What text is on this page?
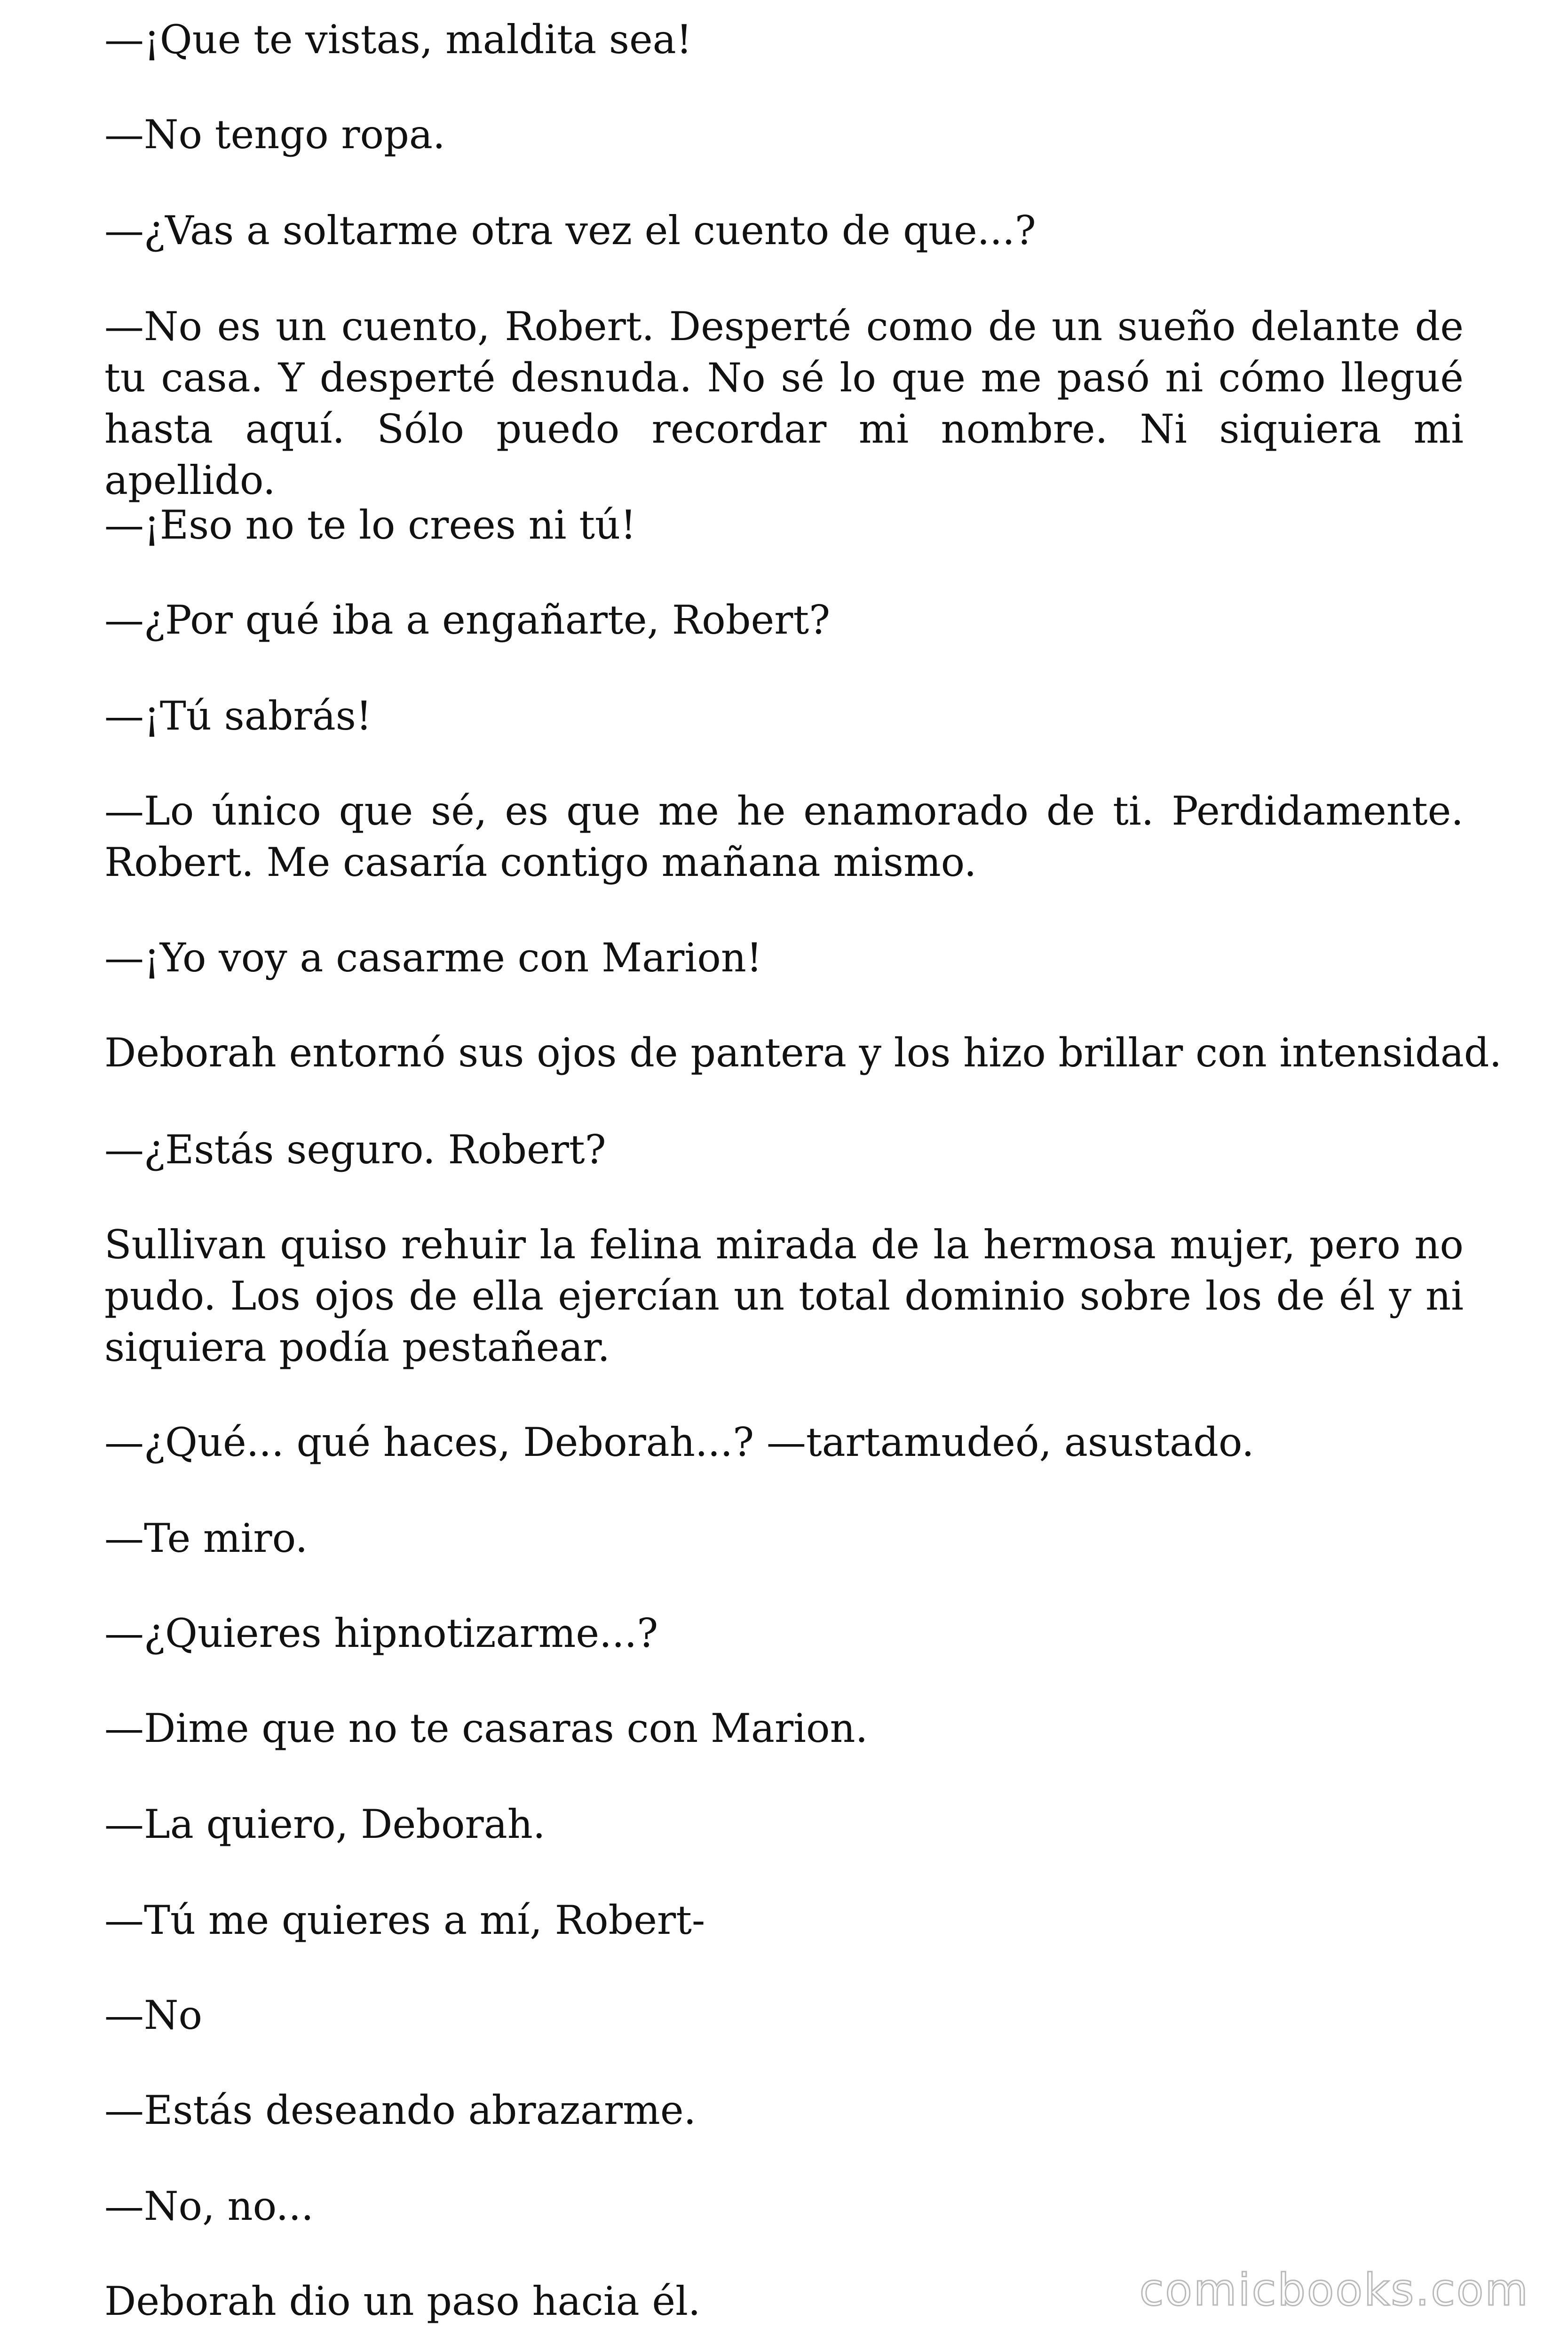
—¡Que te vistas, maldita sea!

—No tengo ropa.

—¿Vas a soltarme otra vez el cuento de que...?

—No es un cuento, Robert. Desperté como de un sueño delante de tu casa. Y desperté desnuda. No sé lo que me pasó ni cómo llegué hasta aquí. Sólo puedo recordar mi nombre. Ni siquiera mi apellido.

—¡Eso no te lo crees ni tú!

—¿Por qué iba a engañarte, Robert?

—¡Tú sabrás!

—Lo único que sé, es que me he enamorado de ti. Perdidamente. Robert. Me casaría contigo mañana mismo.

—¡Yo voy a casarme con Marion!

Deborah entornó sus ojos de pantera y los hizo brillar con intensidad.

—¿Estás seguro. Robert?

Sullivan quiso rehuir la felina mirada de la hermosa mujer, pero no pudo. Los ojos de ella ejercían un total dominio sobre los de él y ni siquiera podía pestañear.

—¿Qué... qué haces, Deborah...? —tartamudeó, asustado.

—Te miro.

—¿Quieres hipnotizarme...?

—Dime que no te casaras con Marion.

—La quiero, Deborah.

—Tú me quieres a mí, Robert-

—No

—Estás deseando abrazarme.

—No, no...

Deborah dio un paso hacia él.	comicbooks.com
